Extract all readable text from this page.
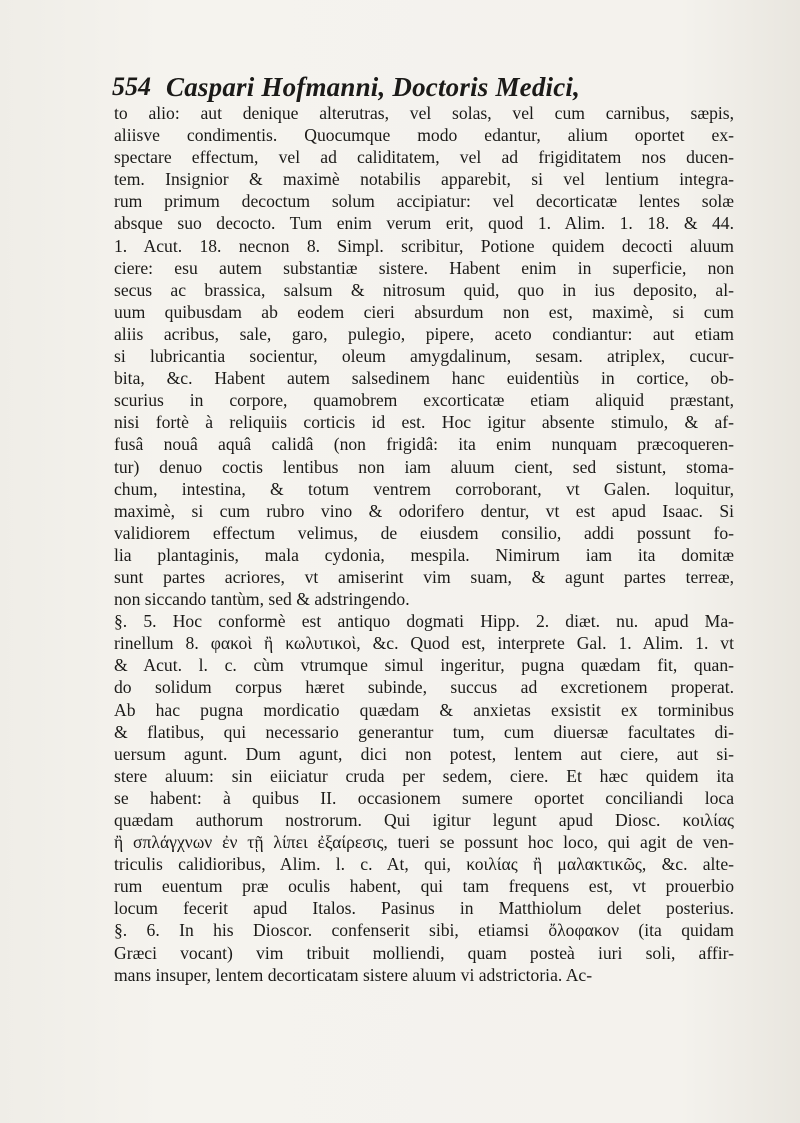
554 Caspari Hofmanni, Doctoris Medici,
to alio: aut denique alterutras, vel solas, vel cum carnibus, sæpis,
aliisve condimentis. Quocumque modo edantur, alium oportet ex-
spectare effectum, vel ad caliditatem, vel ad frigiditatem nos ducen-
tem. Insignior & maximè notabilis apparebit, si vel lentium integra-
rum primum decoctum solum accipiatur: vel decorticatæ lentes solæ
absque suo decocto. Tum enim verum erit, quod 1. Alim. 1. 18. & 44.
1. Acut. 18. necnon 8. Simpl. scribitur, Potione quidem decocti aluum
ciere: esu autem substantiæ sistere. Habent enim in superficie, non
secus ac brassica, salsum & nitrosum quid, quo in ius deposito, al-
uum quibusdam ab eodem cieri absurdum non est, maximè, si cum
aliis acribus, sale, garo, pulegio, pipere, aceto condiantur: aut etiam
si lubricantia socientur, oleum amygdalinum, sesam. atriplex, cucur-
bita, &c. Habent autem salsedinem hanc euidentiùs in cortice, ob-
scurius in corpore, quamobrem excorticatæ etiam aliquid præstant,
nisi fortè à reliquiis corticis id est. Hoc igitur absente stimulo, & af-
fusâ nouâ aquâ calidâ (non frigidâ: ita enim nunquam præcoqueren-
tur) denuo coctis lentibus non iam aluum cient, sed sistunt, stoma-
chum, intestina, & totum ventrem corroborant, vt Galen. loquitur,
maximè, si cum rubro vino & odorifero dentur, vt est apud Isaac. Si
validiorem effectum velimus, de eiusdem consilio, addi possunt fo-
lia plantaginis, mala cydonia, mespila. Nimirum iam ita domitæ
sunt partes acriores, vt amiserint vim suam, & agunt partes terreæ,
non siccando tantùm, sed & adstringendo.
§. 5. Hoc conformè est antiquo dogmati Hipp. 2. diæt. nu. apud Ma-
rinellum 8. φακοὶ ἢ κωλυτικοὶ, &c. Quod est, interprete Gal. 1. Alim. 1. vt
& Acut. l. c. cùm vtrumque simul ingeritur, pugna quædam fit, quan-
do solidum corpus hæret subinde, succus ad excretionem properat.
Ab hac pugna mordicatio quædam & anxietas exsistit ex torminibus
& flatibus, qui necessario generantur tum, cum diuersæ facultates di-
uersum agunt. Dum agunt, dici non potest, lentem aut ciere, aut si-
stere aluum: sin eiiciatur cruda per sedem, ciere. Et hæc quidem ita
se habent: à quibus II. occasionem sumere oportet conciliandi loca
quædam authorum nostrorum. Qui igitur legunt apud Diosc. κοιλίας
ἢ σπλάγχνων ἐν τῇ λίπει ἐξαίρεσις, tueri se possunt hoc loco, qui agit de ven-
triculis calidioribus, Alim. l. c. At, qui, κοιλίας ἢ μαλακτικῶς, &c. alte-
rum euentum præ oculis habent, qui tam frequens est, vt prouerbio
locum fecerit apud Italos. Pasinus in Matthiolum delet posterius.
§. 6. In his Dioscor. confenserit sibi, etiamsi ὄλοφακον (ita quidam
Græci vocant) vim tribuit molliendi, quam posteà iuri soli, affir-
mans insuper, lentem decorticatam sistere aluum vi adstrictoria. Ac-
